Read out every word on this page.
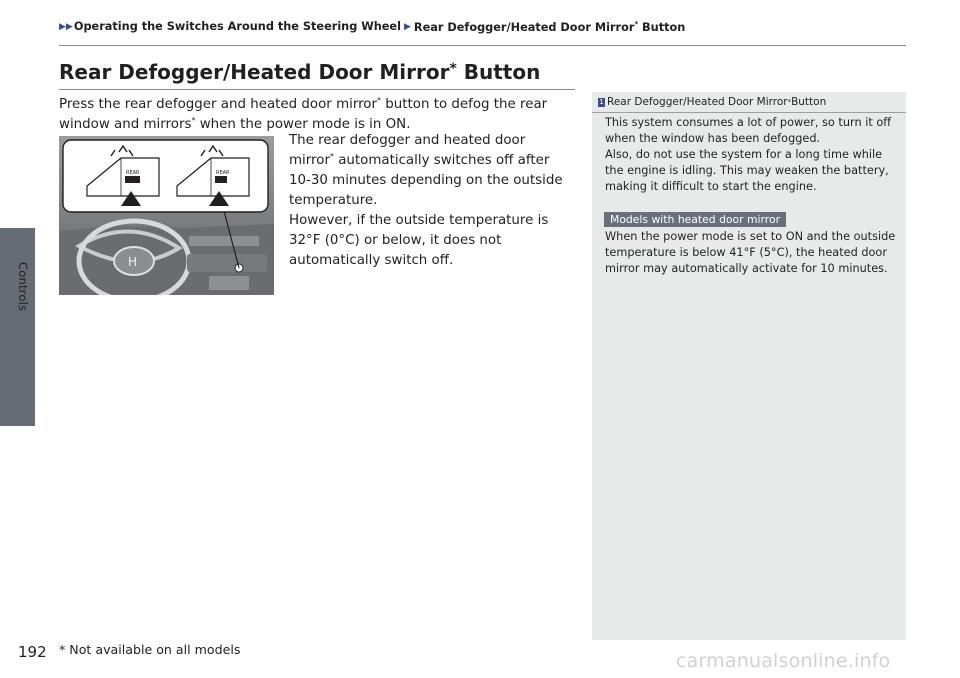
Controls
▶▶ Operating the Switches Around the Steering Wheel ▶ Rear Defogger/Heated Door Mirror* Button
Rear Defogger/Heated Door Mirror* Button
Press the rear defogger and heated door mirror* button to defog the rear window and mirrors* when the power mode is in ON.
The rear defogger and heated door mirror* automatically switches off after 10-30 minutes depending on the outside temperature.
However, if the outside temperature is 32°F (0°C) or below, it does not automatically switch off.
H
REAR	REAR
1 Rear Defogger/Heated Door Mirror * Button
This system consumes a lot of power, so turn it off when the window has been defogged.
Also, do not use the system for a long time while the engine is idling. This may weaken the battery, making it difficult to start the engine.
Models with heated door mirror
When the power mode is set to ON and the outside temperature is below 41°F (5°C), the heated door mirror may automatically activate for 10 minutes.
192 * Not available on all models
carmanualsonline.info
